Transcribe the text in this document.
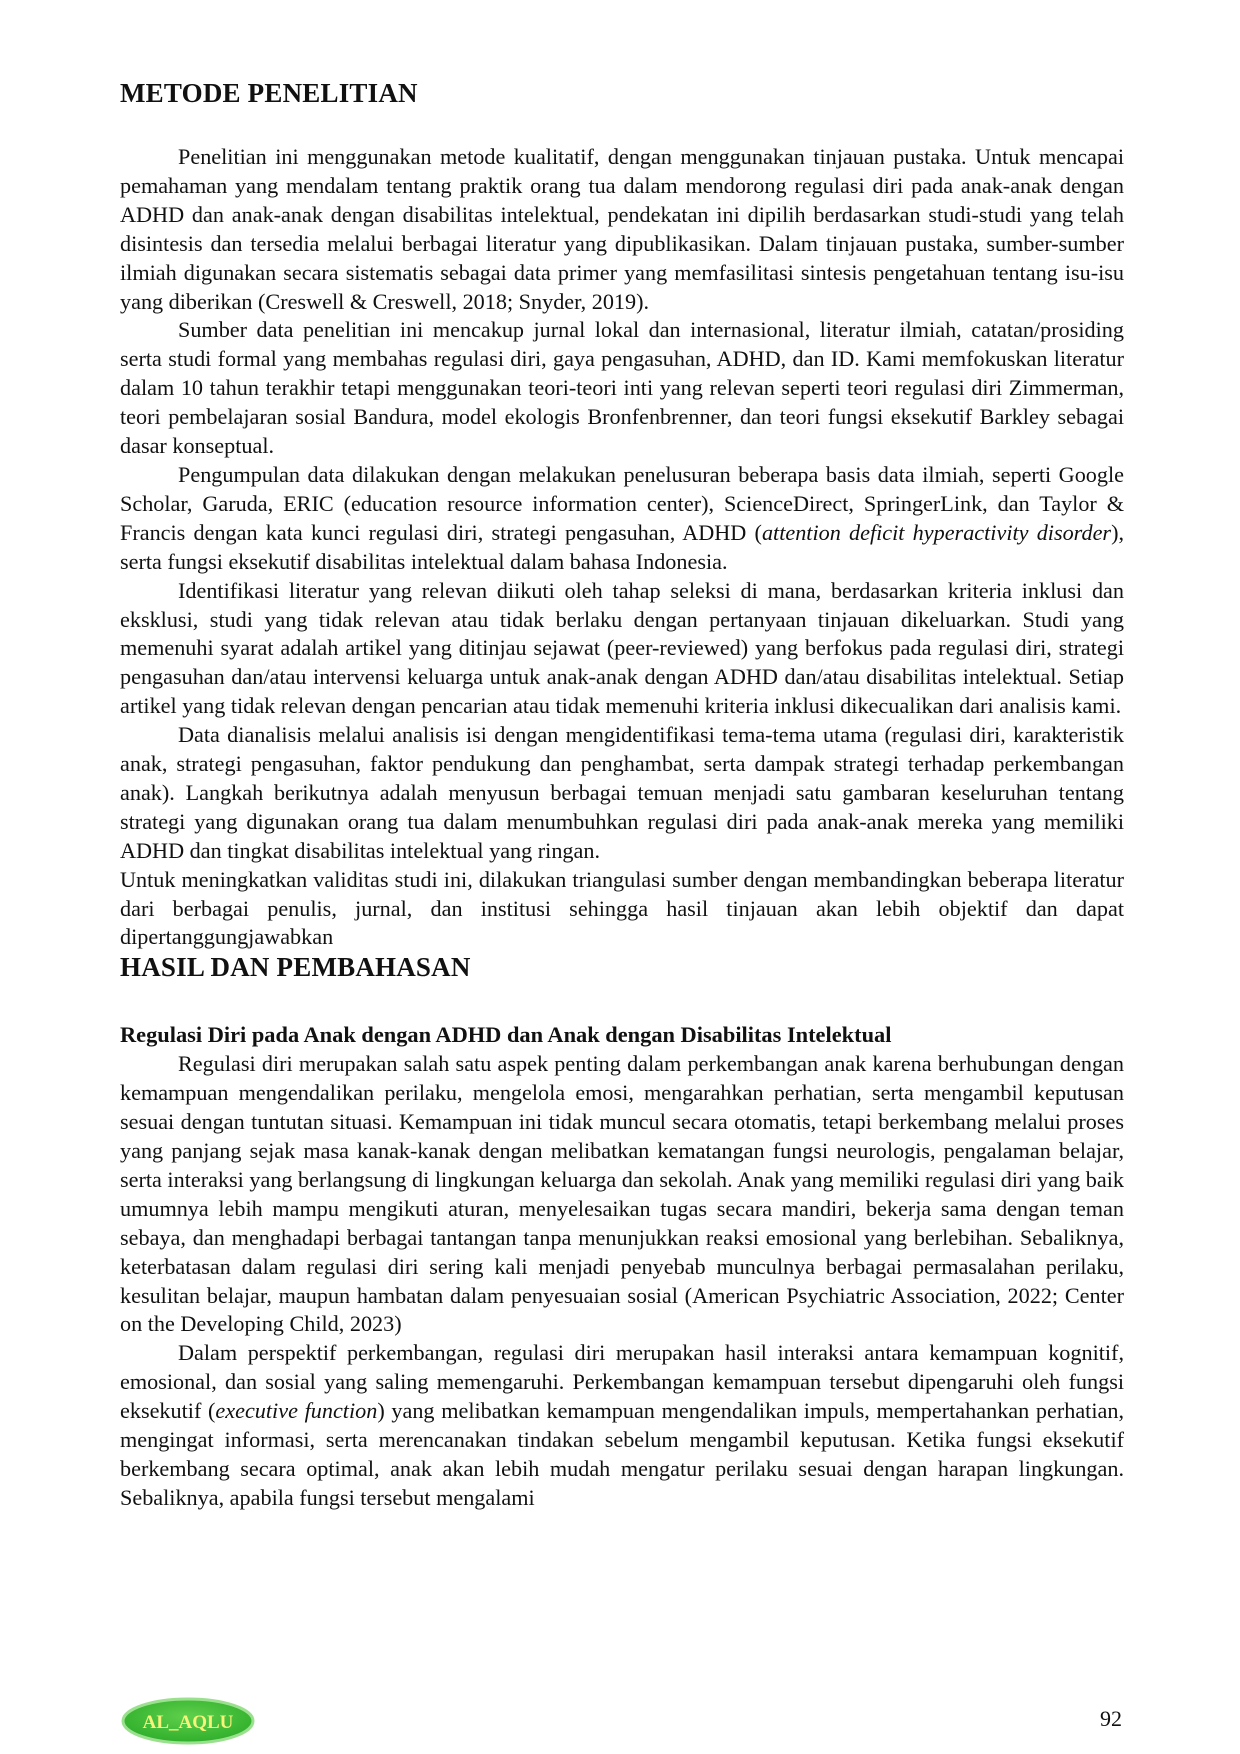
METODE PENELITIAN

Penelitian ini menggunakan metode kualitatif, dengan menggunakan tinjauan pustaka. Untuk mencapai pemahaman yang mendalam tentang praktik orang tua dalam mendorong regulasi diri pada anak-anak dengan ADHD dan anak-anak dengan disabilitas intelektual, pendekatan ini dipilih berdasarkan studi-studi yang telah disintesis dan tersedia melalui berbagai literatur yang dipublikasikan. Dalam tinjauan pustaka, sumber-sumber ilmiah digunakan secara sistematis sebagai data primer yang memfasilitasi sintesis pengetahuan tentang isu-isu yang diberikan (Creswell & Creswell, 2018; Snyder, 2019).

Sumber data penelitian ini mencakup jurnal lokal dan internasional, literatur ilmiah, catatan/prosiding serta studi formal yang membahas regulasi diri, gaya pengasuhan, ADHD, dan ID. Kami memfokuskan literatur dalam 10 tahun terakhir tetapi menggunakan teori-teori inti yang relevan seperti teori regulasi diri Zimmerman, teori pembelajaran sosial Bandura, model ekologis Bronfenbrenner, dan teori fungsi eksekutif Barkley sebagai dasar konseptual.

Pengumpulan data dilakukan dengan melakukan penelusuran beberapa basis data ilmiah, seperti Google Scholar, Garuda, ERIC (education resource information center), ScienceDirect, SpringerLink, dan Taylor & Francis dengan kata kunci regulasi diri, strategi pengasuhan, ADHD (attention deficit hyperactivity disorder), serta fungsi eksekutif disabilitas intelektual dalam bahasa Indonesia.

Identifikasi literatur yang relevan diikuti oleh tahap seleksi di mana, berdasarkan kriteria inklusi dan eksklusi, studi yang tidak relevan atau tidak berlaku dengan pertanyaan tinjauan dikeluarkan. Studi yang memenuhi syarat adalah artikel yang ditinjau sejawat (peer-reviewed) yang berfokus pada regulasi diri, strategi pengasuhan dan/atau intervensi keluarga untuk anak-anak dengan ADHD dan/atau disabilitas intelektual. Setiap artikel yang tidak relevan dengan pencarian atau tidak memenuhi kriteria inklusi dikecualikan dari analisis kami.

Data dianalisis melalui analisis isi dengan mengidentifikasi tema-tema utama (regulasi diri, karakteristik anak, strategi pengasuhan, faktor pendukung dan penghambat, serta dampak strategi terhadap perkembangan anak). Langkah berikutnya adalah menyusun berbagai temuan menjadi satu gambaran keseluruhan tentang strategi yang digunakan orang tua dalam menumbuhkan regulasi diri pada anak-anak mereka yang memiliki ADHD dan tingkat disabilitas intelektual yang ringan.

Untuk meningkatkan validitas studi ini, dilakukan triangulasi sumber dengan membandingkan beberapa literatur dari berbagai penulis, jurnal, dan institusi sehingga hasil tinjauan akan lebih objektif dan dapat dipertanggungjawabkan

HASIL DAN PEMBAHASAN
Regulasi Diri pada Anak dengan ADHD dan Anak dengan Disabilitas Intelektual

Regulasi diri merupakan salah satu aspek penting dalam perkembangan anak karena berhubungan dengan kemampuan mengendalikan perilaku, mengelola emosi, mengarahkan perhatian, serta mengambil keputusan sesuai dengan tuntutan situasi. Kemampuan ini tidak muncul secara otomatis, tetapi berkembang melalui proses yang panjang sejak masa kanak-kanak dengan melibatkan kematangan fungsi neurologis, pengalaman belajar, serta interaksi yang berlangsung di lingkungan keluarga dan sekolah. Anak yang memiliki regulasi diri yang baik umumnya lebih mampu mengikuti aturan, menyelesaikan tugas secara mandiri, bekerja sama dengan teman sebaya, dan menghadapi berbagai tantangan tanpa menunjukkan reaksi emosional yang berlebihan. Sebaliknya, keterbatasan dalam regulasi diri sering kali menjadi penyebab munculnya berbagai permasalahan perilaku, kesulitan belajar, maupun hambatan dalam penyesuaian sosial (American Psychiatric Association, 2022; Center on the Developing Child, 2023)

Dalam perspektif perkembangan, regulasi diri merupakan hasil interaksi antara kemampuan kognitif, emosional, dan sosial yang saling memengaruhi. Perkembangan kemampuan tersebut dipengaruhi oleh fungsi eksekutif (executive function) yang melibatkan kemampuan mengendalikan impuls, mempertahankan perhatian, mengingat informasi, serta merencanakan tindakan sebelum mengambil keputusan. Ketika fungsi eksekutif berkembang secara optimal, anak akan lebih mudah mengatur perilaku sesuai dengan harapan lingkungan. Sebaliknya, apabila fungsi tersebut mengalami

AL_AQLU	92
